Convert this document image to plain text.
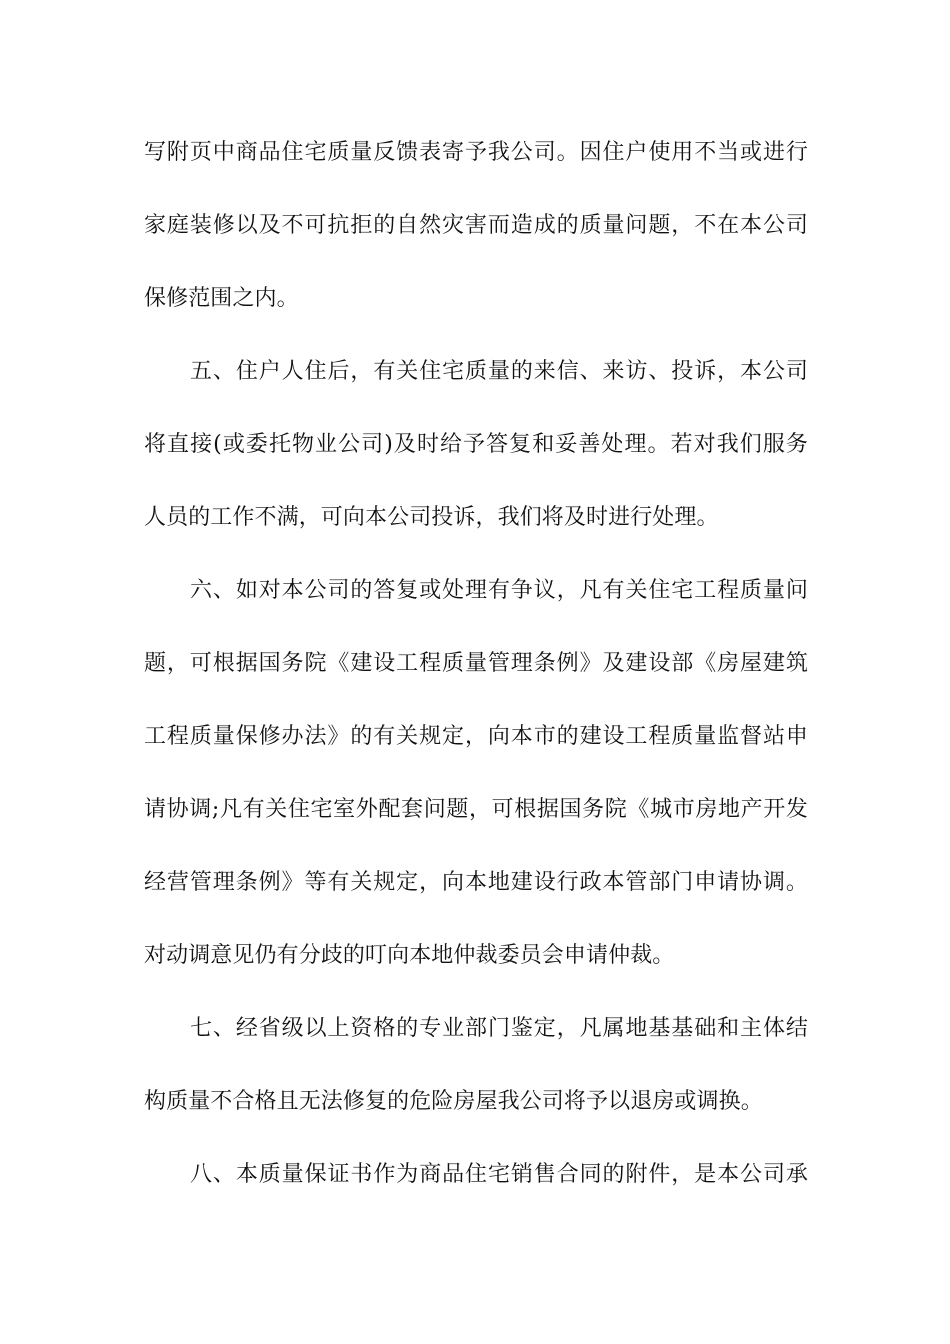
写附页中商品住宅质量反馈表寄予我公司。因住户使用不当或进行
家庭装修以及不可抗拒的自然灾害而造成的质量问题，不在本公司
保修范围之内。
五、住户人住后，有关住宅质量的来信、来访、投诉，本公司
将直接(或委托物业公司)及时给予答复和妥善处理。若对我们服务
人员的工作不满，可向本公司投诉，我们将及时进行处理。
六、如对本公司的答复或处理有争议，凡有关住宅工程质量问
题，可根据国务院《建设工程质量管理条例》及建设部《房屋建筑
工程质量保修办法》的有关规定，向本市的建设工程质量监督站申
请协调;凡有关住宅室外配套问题，可根据国务院《城市房地产开发
经营管理条例》等有关规定，向本地建设行政本管部门申请协调。
对动调意见仍有分歧的叮向本地仲裁委员会申请仲裁。
七、经省级以上资格的专业部门鉴定，凡属地基基础和主体结
构质量不合格且无法修复的危险房屋我公司将予以退房或调换。
八、本质量保证书作为商品住宅销售合同的附件，是本公司承
